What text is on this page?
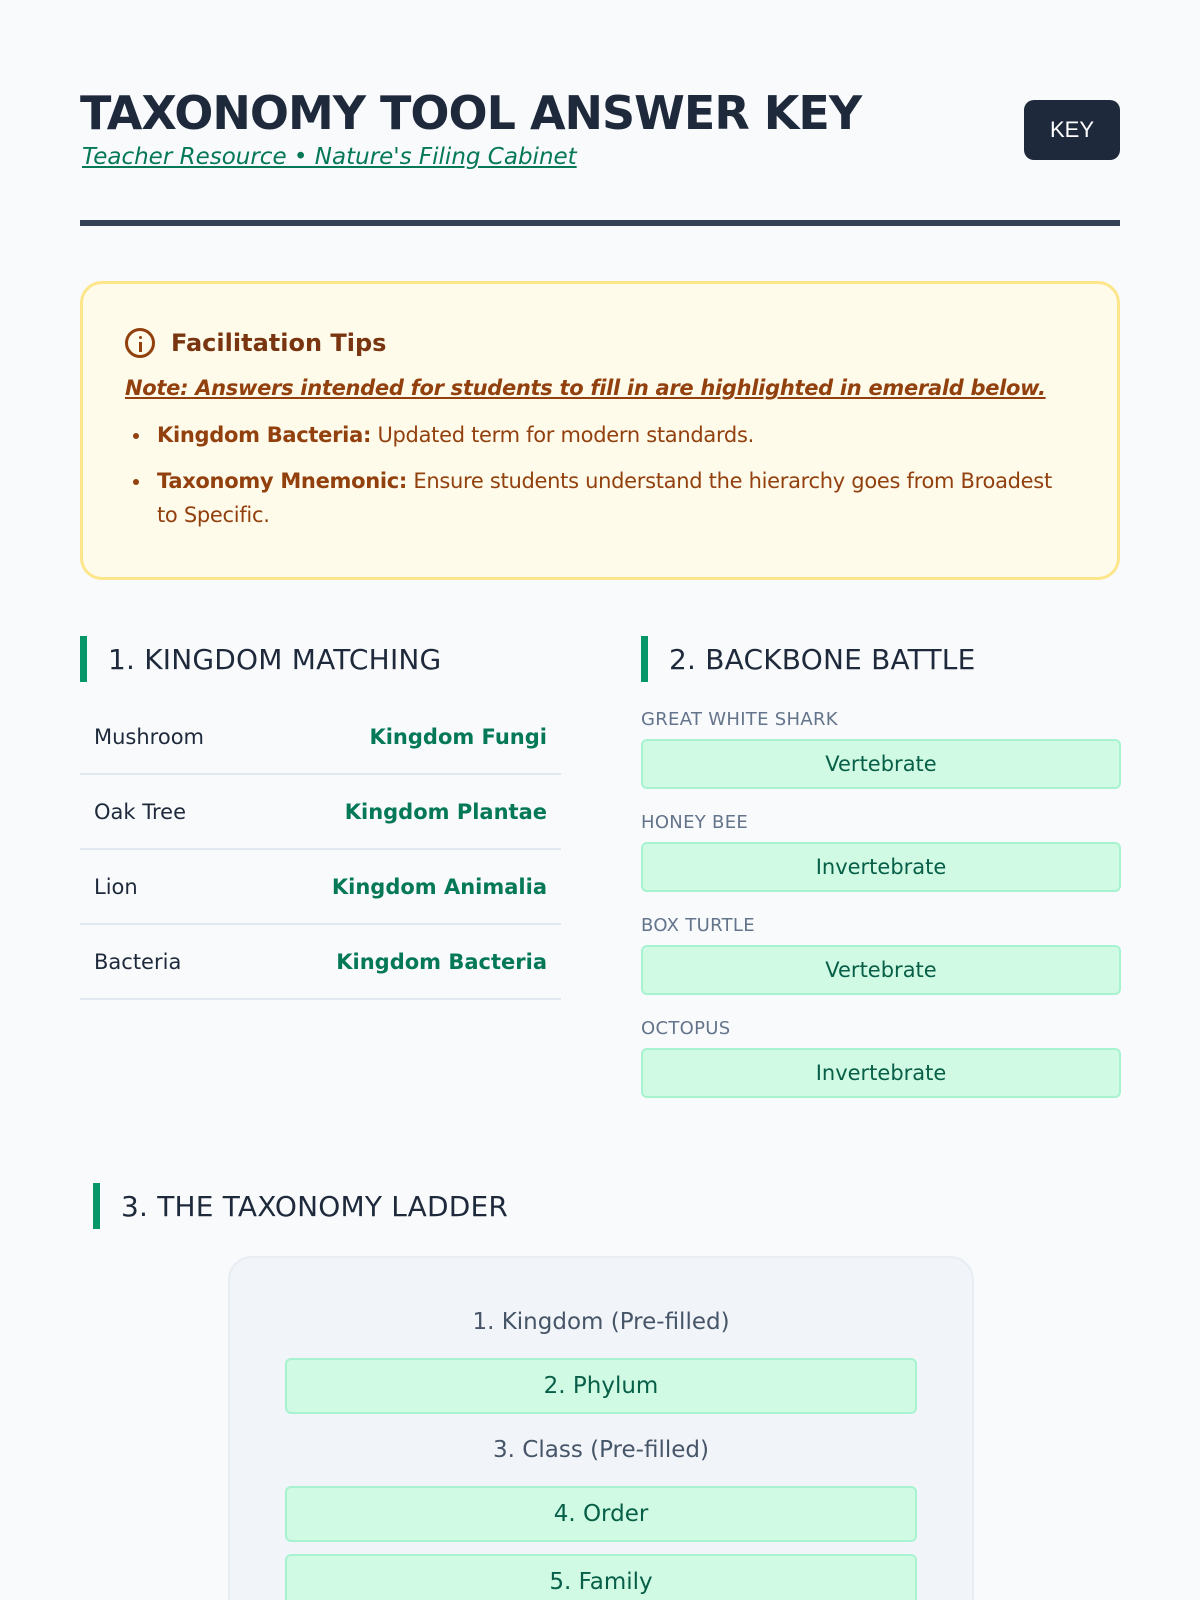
TAXONOMY TOOL ANSWER KEY
Teacher Resource • Nature's Filing Cabinet
KEY
Facilitation Tips
Note: Answers intended for students to fill in are highlighted in emerald below.
Kingdom Bacteria: Updated term for modern standards.
Taxonomy Mnemonic: Ensure students understand the hierarchy goes from Broadest to Specific.
1. KINGDOM MATCHING
Mushroom	Kingdom Fungi
Oak Tree	Kingdom Plantae
Lion	Kingdom Animalia
Bacteria	Kingdom Bacteria
2. BACKBONE BATTLE
GREAT WHITE SHARK
Vertebrate
HONEY BEE
Invertebrate
BOX TURTLE
Vertebrate
OCTOPUS
Invertebrate
3. THE TAXONOMY LADDER
1. Kingdom (Pre-filled)
2. Phylum
3. Class (Pre-filled)
4. Order
5. Family
